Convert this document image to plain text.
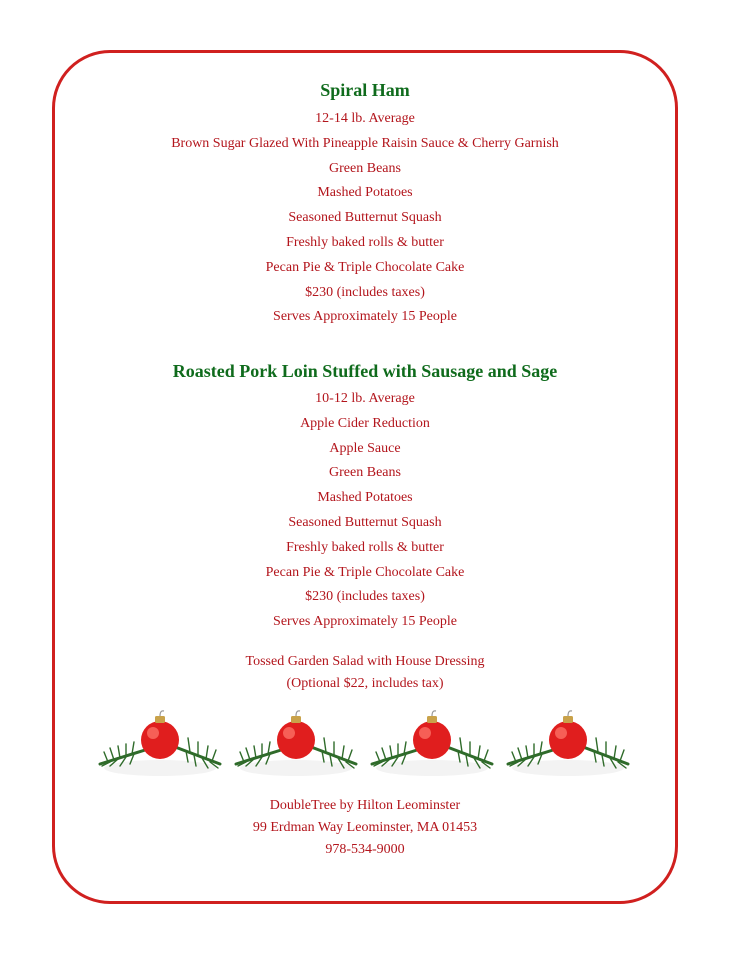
Spiral Ham
12-14 lb. Average
Brown Sugar Glazed With Pineapple Raisin Sauce & Cherry Garnish
Green Beans
Mashed Potatoes
Seasoned Butternut Squash
Freshly baked rolls & butter
Pecan Pie & Triple Chocolate Cake
$230 (includes taxes)
Serves Approximately 15 People
Roasted Pork Loin Stuffed with Sausage and Sage
10-12 lb. Average
Apple Cider Reduction
Apple Sauce
Green Beans
Mashed Potatoes
Seasoned Butternut Squash
Freshly baked rolls & butter
Pecan Pie & Triple Chocolate Cake
$230 (includes taxes)
Serves Approximately 15 People

Tossed Garden Salad with House Dressing

(Optional $22, includes tax)

DoubleTree by Hilton Leominster

99 Erdman Way Leominster, MA 01453

978-534-9000
